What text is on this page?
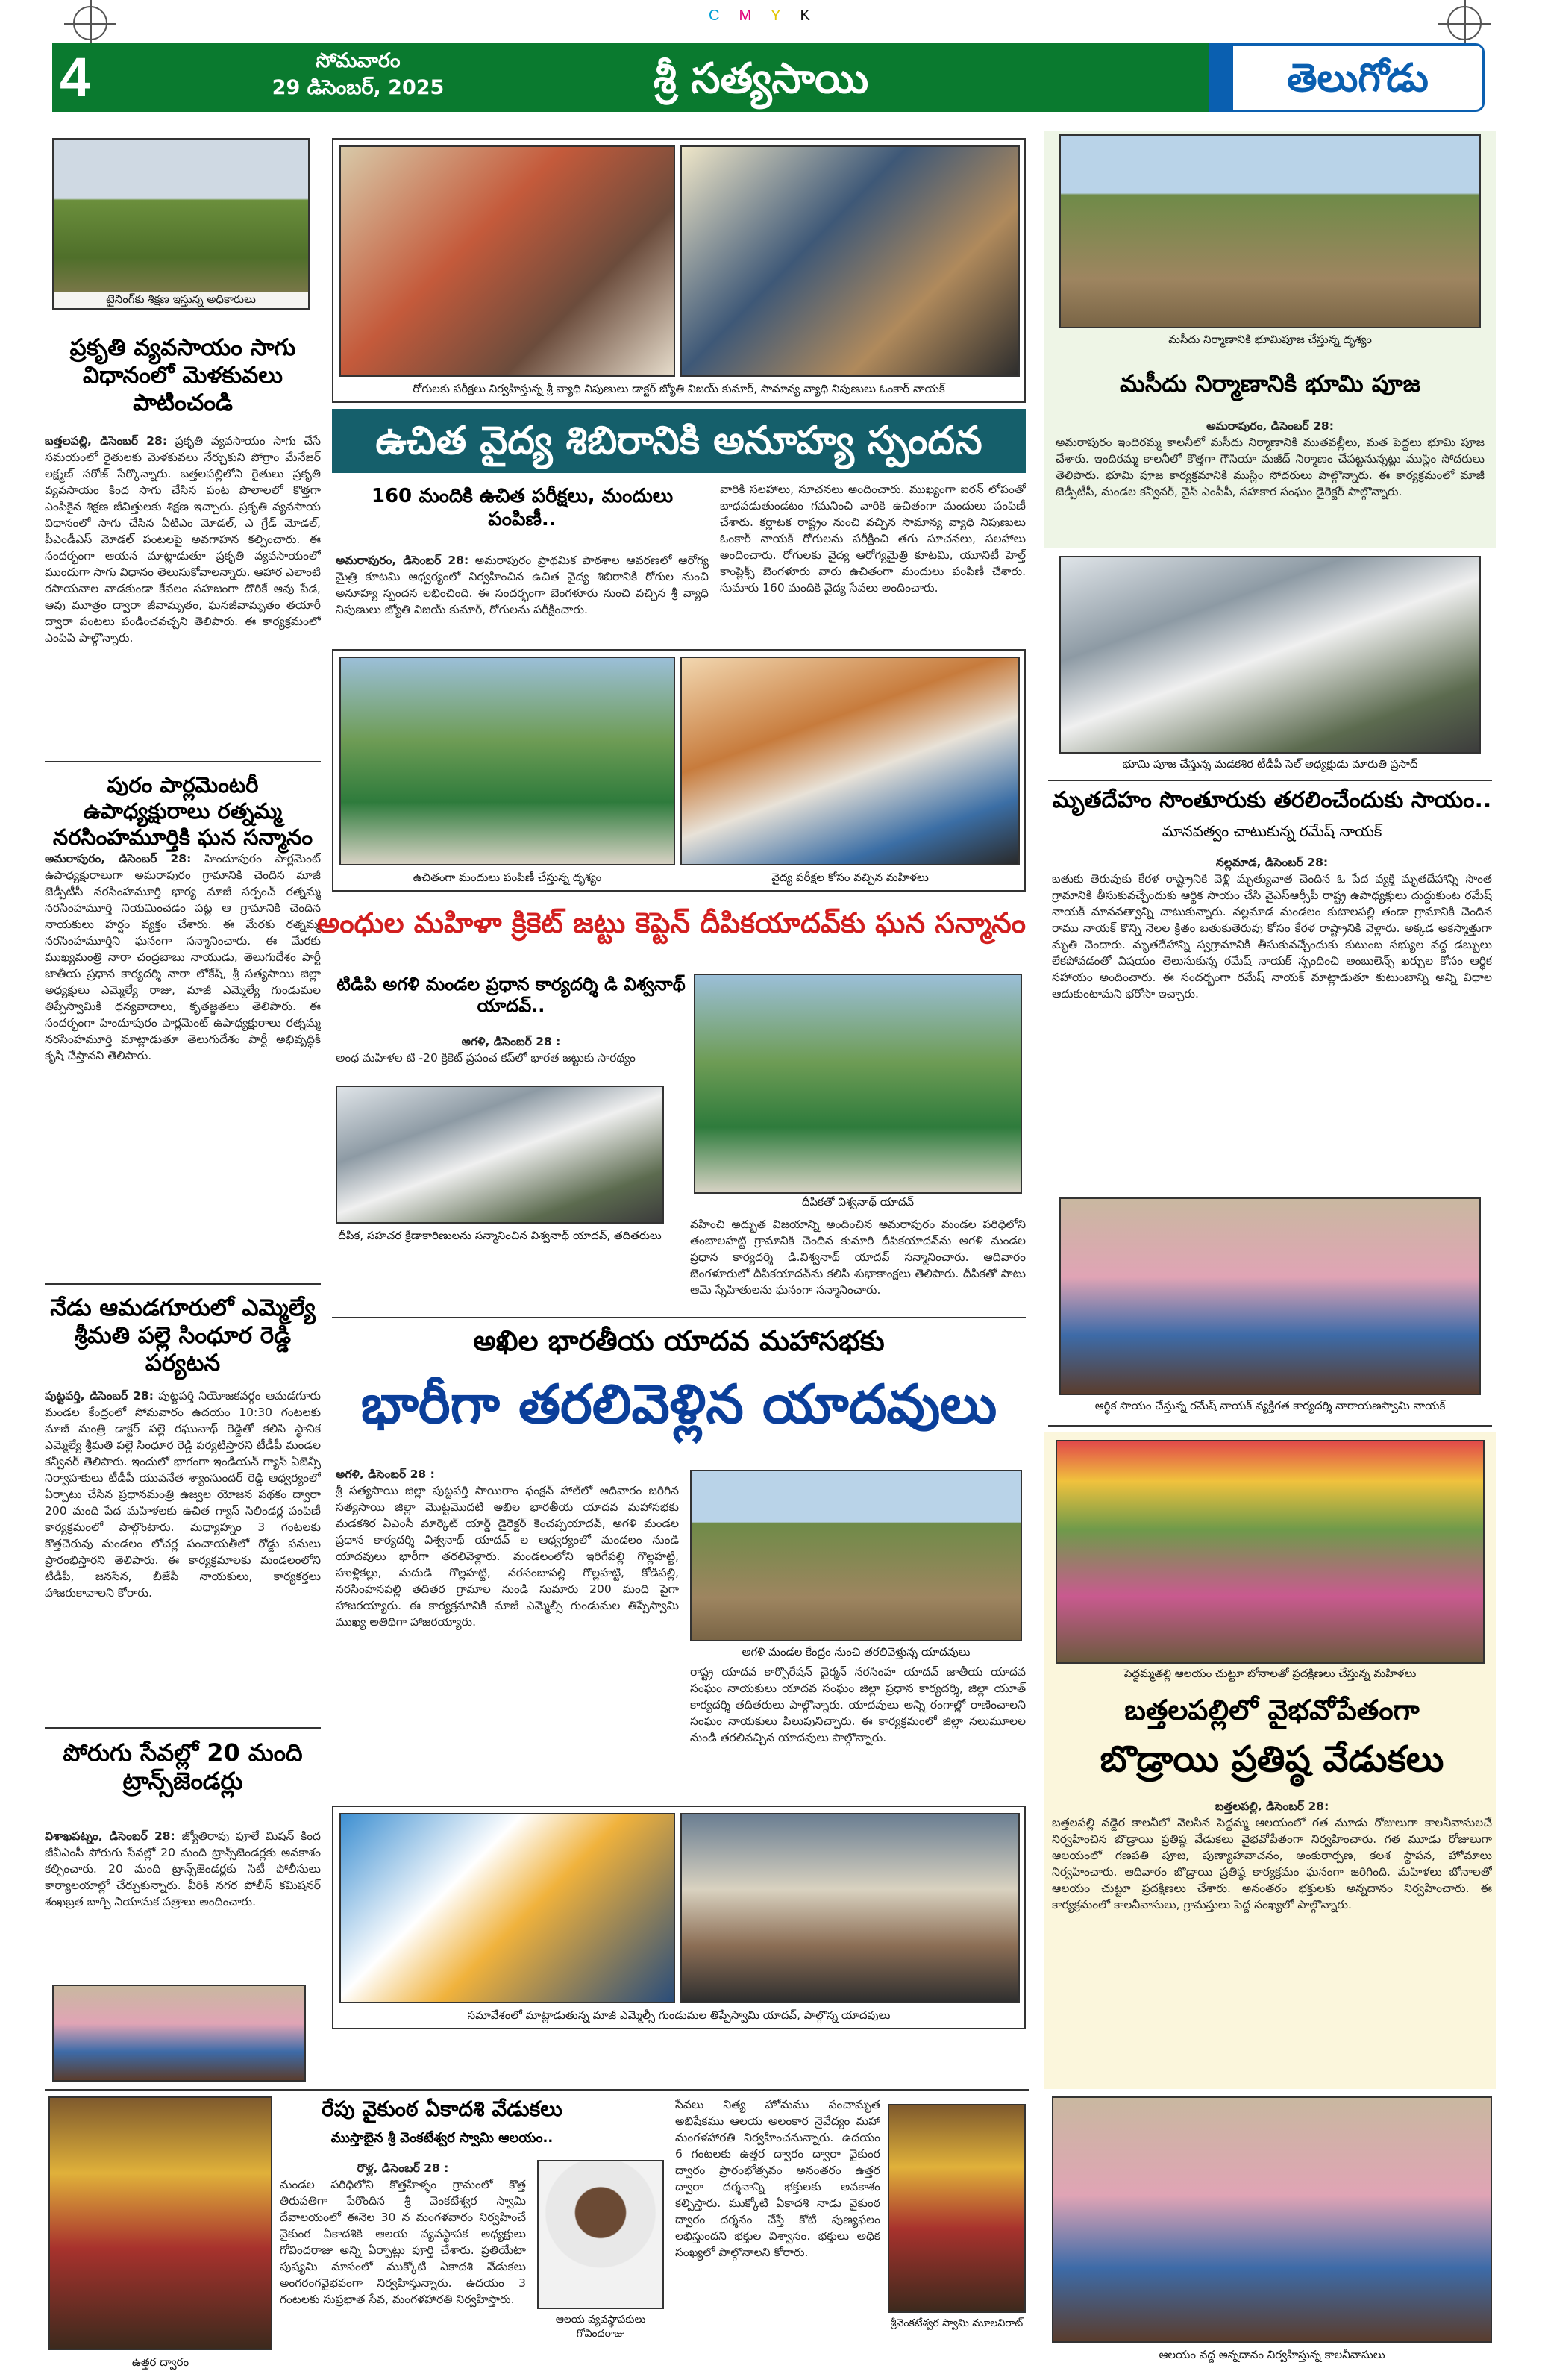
CMYK
4	సోమవారం
29 డిసెంబర్, 2025	శ్రీ సత్యసాయి	తెలుగోడు
టైనింగ్‌కు శిక్షణ ఇస్తున్న అధికారులు
ప్రకృతి వ్యవసాయం సాగు విధానంలో మెళకువలు పాటించండి
బత్తలపల్లి, డిసెంబర్ 28: ప్రకృతి వ్యవసాయం సాగు చేసే సమయంలో రైతులకు మెళకువలు నేర్చుకుని పోగ్రాం మేనేజర్ లక్ష్మణ్ సరోజ్ సేర్కొన్నారు. బత్తలపల్లిలోని రైతులు ప్రకృతి వ్యవసాయం కింద సాగు చేసిన పంట పొలాలలో కొత్తగా ఎంపికైన శిక్షణ జీవిత్తులకు శిక్షణ ఇచ్చారు. ప్రకృతి వ్యవసాయ విధానంలో సాగు చేసిన ఏటిఎం మోడల్, ఎ గ్రేడ్ మోడల్, పీఎండీఎస్ మోడల్ పంటలపై అవగాహన కల్పించారు. ఈ సందర్భంగా ఆయన మాట్లాడుతూ ప్రకృతి వ్యవసాయంలో ముందుగా సాగు విధానం తెలుసుకోవాలన్నారు. ఆహార ఎలాంటి రసాయనాల వాడకుండా కేవలం సహజంగా దొరికే ఆవు పేడ, ఆవు మూత్రం ద్వారా జీవామృతం, ఘనజీవామృతం తయారీ ద్వారా పంటలు పండించవచ్చని తెలిపారు. ఈ కార్యక్రమంలో ఎంపిపి పాల్గొన్నారు.
పురం పార్లమెంటరీ ఉపాధ్యక్షురాలు రత్నమ్మ నరసింహమూర్తికి ఘన సన్మానం
అమరాపురం, డిసెంబర్ 28: హిందూపురం పార్లమెంట్ ఉపాధ్యక్షురాలుగా అమరాపురం గ్రామానికి చెందిన మాజీ జెడ్పీటీసీ నరసింహమూర్తి భార్య మాజీ సర్పంచ్ రత్నమ్మ నరసింహమూర్తి నియమించడం పట్ల ఆ గ్రామానికి చెందిన నాయకులు హర్షం వ్యక్తం చేశారు. ఈ మేరకు రత్నమ్మ నరసింహమూర్తిని ఘనంగా సన్మానించారు. ఈ మేరకు ముఖ్యమంత్రి నారా చంద్రబాబు నాయుడు, తెలుగుదేశం పార్టీ జాతీయ ప్రధాన కార్యదర్శి నారా లోకేష్, శ్రీ సత్యసాయి జిల్లా అధ్యక్షులు ఎమ్మెల్యే రాజు, మాజీ ఎమ్మెల్యే గుండుమల తిప్పేస్వామికి ధన్యవాదాలు, కృతజ్ఞతలు తెలిపారు. ఈ సందర్భంగా హిందూపురం పార్లమెంట్ ఉపాధ్యక్షురాలు రత్నమ్మ నరసింహమూర్తి మాట్లాడుతూ తెలుగుదేశం పార్టీ అభివృద్ధికి కృషి చేస్తానని తెలిపారు.
నేడు ఆమడగూరులో ఎమ్మెల్యే శ్రీమతి పల్లె సింధూర రెడ్డి పర్యటన
పుట్టపర్తి, డిసెంబర్ 28: పుట్టపర్తి నియోజకవర్గం ఆమడగూరు మండల కేంద్రంలో సోమవారం ఉదయం 10:30 గంటలకు మాజీ మంత్రి డాక్టర్ పల్లె రఘునాథ్ రెడ్డితో కలిసి స్థానిక ఎమ్మెల్యే శ్రీమతి పల్లె సింధూర రెడ్డి పర్యటిస్తారని టీడీపీ మండల కన్వీనర్ తెలిపారు. ఇందులో భాగంగా ఇండియన్ గ్యాస్ ఏజెన్సీ నిర్వాహకులు టీడీపీ యువనేత శ్యాంసుందర్ రెడ్డి ఆధ్వర్యంలో ఏర్పాటు చేసిన ప్రధానమంత్రి ఉజ్వల యోజన పథకం ద్వారా 200 మంది పేద మహిళలకు ఉచిత గ్యాస్ సిలిండర్ల పంపిణీ కార్యక్రమంలో పాల్గొంటారు. మధ్యాహ్నం 3 గంటలకు కొత్తచెరువు మండలం లోచర్ల పంచాయతీలో రోడ్డు పనులు ప్రారంభిస్తారని తెలిపారు. ఈ కార్యక్రమాలకు మండలంలోని టీడీపీ, జనసేన, బీజేపీ నాయకులు, కార్యకర్తలు హాజరుకావాలని కోరారు.
పోరుగు సేవల్లో 20 మంది ట్రాన్స్‌జెండర్లు
విశాఖపట్నం, డిసెంబర్ 28: జ్యోతిరావు ఫూలే మిషన్ కింద జీవీఎంసీ పోరుగు సేవల్లో 20 మంది ట్రాన్స్‌జెండర్లకు అవకాశం కల్పించారు. 20 మంది ట్రాన్స్‌జెండర్లకు సిటీ పోలీసులు కార్యాలయాల్లో చేర్చుకున్నారు. వీరికి నగర పోలీస్ కమిషనర్ శంఖబ్రత బాగ్చి నియామక పత్రాలు అందించారు.
రోగులకు పరీక్షలు నిర్వహిస్తున్న శ్రీ వ్యాధి నిపుణులు డాక్టర్ జ్యోతి విజయ్ కుమార్, సామాన్య వ్యాధి నిపుణులు ఓంకార్ నాయక్
ఉచిత వైద్య శిబిరానికి అనూహ్య స్పందన
160 మందికి ఉచిత పరీక్షలు, మందులు పంపిణీ..
అమరాపురం, డిసెంబర్ 28: అమరాపురం ప్రాథమిక పాఠశాల ఆవరణలో ఆరోగ్య మైత్రి కూటమి ఆధ్వర్యంలో నిర్వహించిన ఉచిత వైద్య శిబిరానికి రోగుల నుంచి అనూహ్య స్పందన లభించింది. ఈ సందర్భంగా బెంగళూరు నుంచి వచ్చిన శ్రీ వ్యాధి నిపుణులు జ్యోతి విజయ్ కుమార్, రోగులను పరీక్షించారు.
వారికి సలహాలు, సూచనలు అందించారు. ముఖ్యంగా ఐరన్ లోపంతో బాధపడుతుండటం గమనించి వారికి ఉచితంగా మందులు పంపిణీ చేశారు. కర్ణాటక రాష్ట్రం నుంచి వచ్చిన సామాన్య వ్యాధి నిపుణులు ఓంకార్ నాయక్ రోగులను పరీక్షించి తగు సూచనలు, సలహాలు అందించారు. రోగులకు వైద్య ఆరోగ్యమైత్రి కూటమి, యూనిటీ హెల్త్ కాంప్లెక్స్ బెంగళూరు వారు ఉచితంగా మందులు పంపిణీ చేశారు. సుమారు 160 మందికి వైద్య సేవలు అందించారు.
ఉచితంగా మందులు పంపిణీ చేస్తున్న దృశ్యం	వైద్య పరీక్షల కోసం వచ్చిన మహిళలు
అంధుల మహిళా క్రికెట్ జట్టు కెప్టెన్ దీపికయాదవ్‌కు ఘన సన్మానం
టిడిపి అగళి మండల ప్రధాన కార్యదర్శి డి విశ్వనాథ్ యాదవ్..
అగళి, డిసెంబర్ 28 :
అంధ మహిళల టి -20 క్రికెట్ ప్రపంచ కప్‌లో భారత జట్టుకు సారథ్యం
దీపిక, సహచర క్రీడాకారిణులను సన్మానించిన విశ్వనాథ్ యాదవ్, తదితరులు
దీపికతో విశ్వనాథ్ యాదవ్
వహించి అద్భుత విజయాన్ని అందించిన అమరాపురం మండల పరిధిలోని తంబాలహట్టి గ్రామానికి చెందిన కుమారి దీపికయాదవ్‌ను అగళి మండల ప్రధాన కార్యదర్శి డి.విశ్వనాథ్ యాదవ్ సన్మానించారు. ఆదివారం బెంగళూరులో దీపికయాదవ్‌ను కలిసి శుభాకాంక్షలు తెలిపారు. దీపికతో పాటు ఆమె స్నేహితులను ఘనంగా సన్మానించారు.
అఖిల భారతీయ యాదవ మహాసభకు
భారీగా తరలివెళ్లిన యాదవులు
అగళి, డిసెంబర్ 28 :
శ్రీ సత్యసాయి జిల్లా పుట్టపర్తి సాయిరాం ఫంక్షన్ హాల్‌లో ఆదివారం జరిగిన సత్యసాయి జిల్లా మొట్టమొదటి అఖిల భారతీయ యాదవ మహాసభకు మడకశిర ఏఎంసీ మార్కెట్ యార్డ్ డైరెక్టర్ కెంచప్పయాదవ్, అగళి మండల ప్రధాన కార్యదర్శి విశ్వనాథ్ యాదవ్ ల ఆధ్వర్యంలో మండలం నుండి యాదవులు భారీగా తరలివెళ్లారు. మండలంలోని ఇరిగేపల్లి గొల్లహట్టి, హుళ్లికల్లు, మదుడి గొల్లహట్టి, నరసంబాపల్లి గొల్లహట్టి, కోడిపల్లి, నరసింహనపల్లి తదితర గ్రామాల నుండి సుమారు 200 మంది పైగా హాజరయ్యారు. ఈ కార్యక్రమానికి మాజీ ఎమ్మెల్సీ గుండుమల తిప్పేస్వామి ముఖ్య అతిథిగా హాజరయ్యారు.
అగళి మండల కేంద్రం నుంచి తరలివెళ్తున్న యాదవులు
రాష్ట్ర యాదవ కార్పొరేషన్ చైర్మన్ నరసింహ యాదవ్ జాతీయ యాదవ సంఘం నాయకులు యాదవ సంఘం జిల్లా ప్రధాన కార్యదర్శి, జిల్లా యూత్ కార్యదర్శి తదితరులు పాల్గొన్నారు. యాదవులు అన్ని రంగాల్లో రాణించాలని సంఘం నాయకులు పిలుపునిచ్చారు. ఈ కార్యక్రమంలో జిల్లా నలుమూలల నుండి తరలివచ్చిన యాదవులు పాల్గొన్నారు.
సమావేశంలో మాట్లాడుతున్న మాజీ ఎమ్మెల్సీ గుండుమల తిప్పేస్వామి యాదవ్, పాల్గొన్న యాదవులు
మసీదు నిర్మాణానికి భూమిపూజ చేస్తున్న దృశ్యం
మసీదు నిర్మాణానికి భూమి పూజ
అమరాపురం, డిసెంబర్ 28:
అమరాపురం ఇందిరమ్మ కాలనీలో మసీదు నిర్మాణానికి ముతవల్లీలు, మత పెద్దలు భూమి పూజ చేశారు. ఇందిరమ్మ కాలనీలో కొత్తగా గౌసియా మజీద్ నిర్మాణం చేపట్టనున్నట్లు ముస్లిం సోదరులు తెలిపారు. భూమి పూజ కార్యక్రమానికి ముస్లిం సోదరులు పాల్గొన్నారు. ఈ కార్యక్రమంలో మాజీ జెడ్పీటీసీ, మండల కన్వీనర్, వైస్ ఎంపీపీ, సహకార సంఘం డైరెక్టర్ పాల్గొన్నారు.
భూమి పూజ చేస్తున్న మడకశిర టీడీపీ సెల్ అధ్యక్షుడు మారుతి ప్రసాద్
మృతదేహం సొంతూరుకు తరలించేందుకు సాయం..
మానవత్వం చాటుకున్న రమేష్ నాయక్
నల్లమాడ, డిసెంబర్ 28:
బతుకు తెరువుకు కేరళ రాష్ట్రానికి వెళ్లి మృత్యువాత చెందిన ఓ పేద వ్యక్తి మృతదేహాన్ని సొంత గ్రామానికి తీసుకువచ్చేందుకు ఆర్థిక సాయం చేసి వైఎస్ఆర్సీపీ రాష్ట్ర ఉపాధ్యక్షులు దుద్దుకుంట రమేష్ నాయక్ మానవత్వాన్ని చాటుకున్నారు. నల్లమాడ మండలం కుటాలపల్లి తండా గ్రామానికి చెందిన రాము నాయక్ కొన్ని నెలల క్రితం బతుకుతెరువు కోసం కేరళ రాష్ట్రానికి వెళ్లారు. అక్కడ అకస్మాత్తుగా మృతి చెందారు. మృతదేహాన్ని స్వగ్రామానికి తీసుకువచ్చేందుకు కుటుంబ సభ్యుల వద్ద డబ్బులు లేకపోవడంతో విషయం తెలుసుకున్న రమేష్ నాయక్ స్పందించి అంబులెన్స్ ఖర్చుల కోసం ఆర్థిక సహాయం అందించారు. ఈ సందర్భంగా రమేష్ నాయక్ మాట్లాడుతూ కుటుంబాన్ని అన్ని విధాల ఆదుకుంటామని భరోసా ఇచ్చారు.
ఆర్థిక సాయం చేస్తున్న రమేష్ నాయక్ వ్యక్తిగత కార్యదర్శి నారాయణస్వామి నాయక్
పెద్దమ్మతల్లి ఆలయం చుట్టూ బోనాలతో ప్రదక్షిణలు చేస్తున్న మహిళలు
బత్తలపల్లిలో వైభవోపేతంగా
బొడ్రాయి ప్రతిష్ఠ వేడుకలు
బత్తలపల్లి, డిసెంబర్ 28:
బత్తలపల్లి వడ్డెర కాలనీలో వెలసిన పెద్దమ్మ ఆలయంలో గత మూడు రోజులుగా కాలనీవాసులచే నిర్వహించిన బొడ్రాయి ప్రతిష్ఠ వేడుకలు వైభవోపేతంగా నిర్వహించారు. గత మూడు రోజులుగా ఆలయంలో గణపతి పూజ, పుణ్యాహవాచనం, అంకురార్పణ, కలశ స్థాపన, హోమాలు నిర్వహించారు. ఆదివారం బొడ్రాయి ప్రతిష్ఠ కార్యక్రమం ఘనంగా జరిగింది. మహిళలు బోనాలతో ఆలయం చుట్టూ ప్రదక్షిణలు చేశారు. అనంతరం భక్తులకు అన్నదానం నిర్వహించారు. ఈ కార్యక్రమంలో కాలనీవాసులు, గ్రామస్తులు పెద్ద సంఖ్యలో పాల్గొన్నారు.
ఉత్తర ద్వారం
రేపు వైకుంఠ ఏకాదశి వేడుకలు
ముస్తాబైన శ్రీ వెంకటేశ్వర స్వామి ఆలయం..
రొళ్ల, డిసెంబర్ 28 :
మండల పరిధిలోని కొత్తహిళ్ళం గ్రామంలో కొత్త తిరుపతిగా పేరొందిన శ్రీ వెంకటేశ్వర స్వామి దేవాలయంలో ఈనెల 30 న మంగళవారం నిర్వహించే వైకుంఠ ఏకాదశికి ఆలయ వ్యవస్థాపక అధ్యక్షులు గోవిందరాజు అన్ని ఏర్పాట్లు పూర్తి చేశారు. ప్రతియేటా పుష్యమి మాసంలో ముక్కోటి ఏకాదశి వేడుకలు అంగరంగవైభవంగా నిర్వహిస్తున్నారు. ఉదయం 3 గంటలకు సుప్రభాత సేవ, మంగళహారతి నిర్వహిస్తారు.
ఆలయ వ్యవస్థాపకులు గోవిందరాజు
సేవలు నిత్య హోమము పంచామృత అభిషేకము ఆలయ అలంకార నైవేద్యం మహా మంగళహారతి నిర్వహించనున్నారు. ఉదయం 6 గంటలకు ఉత్తర ద్వారం ద్వారా వైకుంఠ ద్వారం ప్రారంభోత్సవం అనంతరం ఉత్తర ద్వారా దర్శనాన్ని భక్తులకు అవకాశం కల్పిస్తారు. ముక్కోటి ఏకాదశి నాడు వైకుంఠ ద్వారం దర్శనం చేస్తే కోటి పుణ్యఫలం లభిస్తుందని భక్తుల విశ్వాసం. భక్తులు అధిక సంఖ్యలో పాల్గొనాలని కోరారు.
శ్రీవెంకటేశ్వర స్వామి మూలవిరాట్
ఆలయం వద్ద అన్నదానం నిర్వహిస్తున్న కాలనీవాసులు
